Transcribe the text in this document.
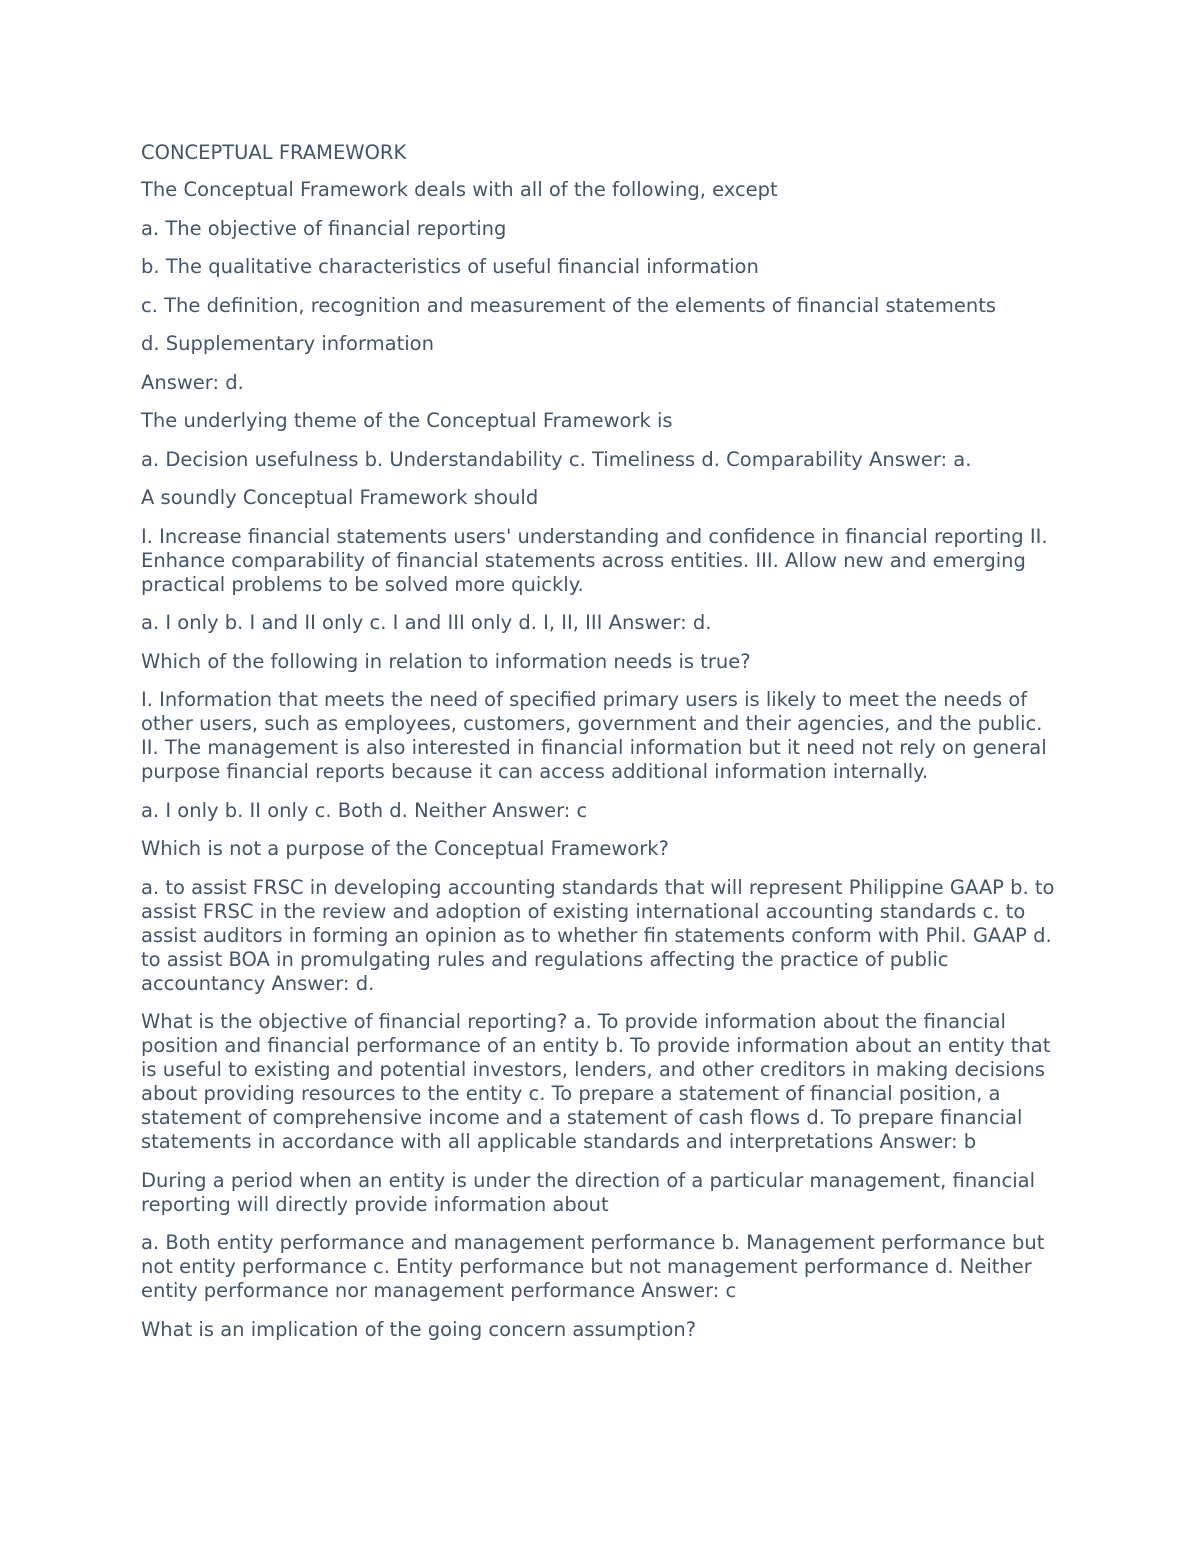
CONCEPTUAL FRAMEWORK

The Conceptual Framework deals with all of the following, except

a. The objective of financial reporting

b. The qualitative characteristics of useful financial information

c. The definition, recognition and measurement of the elements of financial statements

d. Supplementary information

Answer: d.

The underlying theme of the Conceptual Framework is

a. Decision usefulness b. Understandability c. Timeliness d. Comparability Answer: a.

A soundly Conceptual Framework should

I. Increase financial statements users' understanding and confidence in financial reporting II. Enhance comparability of financial statements across entities. III. Allow new and emerging practical problems to be solved more quickly.

a. I only b. I and II only c. I and III only d. I, II, III Answer: d.

Which of the following in relation to information needs is true?

I. Information that meets the need of specified primary users is likely to meet the needs of other users, such as employees, customers, government and their agencies, and the public. II. The management is also interested in financial information but it need not rely on general purpose financial reports because it can access additional information internally.

a. I only b. II only c. Both d. Neither Answer: c

Which is not a purpose of the Conceptual Framework?

a. to assist FRSC in developing accounting standards that will represent Philippine GAAP b. to assist FRSC in the review and adoption of existing international accounting standards c. to assist auditors in forming an opinion as to whether fin statements conform with Phil. GAAP d. to assist BOA in promulgating rules and regulations affecting the practice of public accountancy Answer: d.

What is the objective of financial reporting? a. To provide information about the financial position and financial performance of an entity b. To provide information about an entity that is useful to existing and potential investors, lenders, and other creditors in making decisions about providing resources to the entity c. To prepare a statement of financial position, a statement of comprehensive income and a statement of cash flows d. To prepare financial statements in accordance with all applicable standards and interpretations Answer: b

During a period when an entity is under the direction of a particular management, financial reporting will directly provide information about

a. Both entity performance and management performance b. Management performance but not entity performance c. Entity performance but not management performance d. Neither entity performance nor management performance Answer: c

What is an implication of the going concern assumption?
